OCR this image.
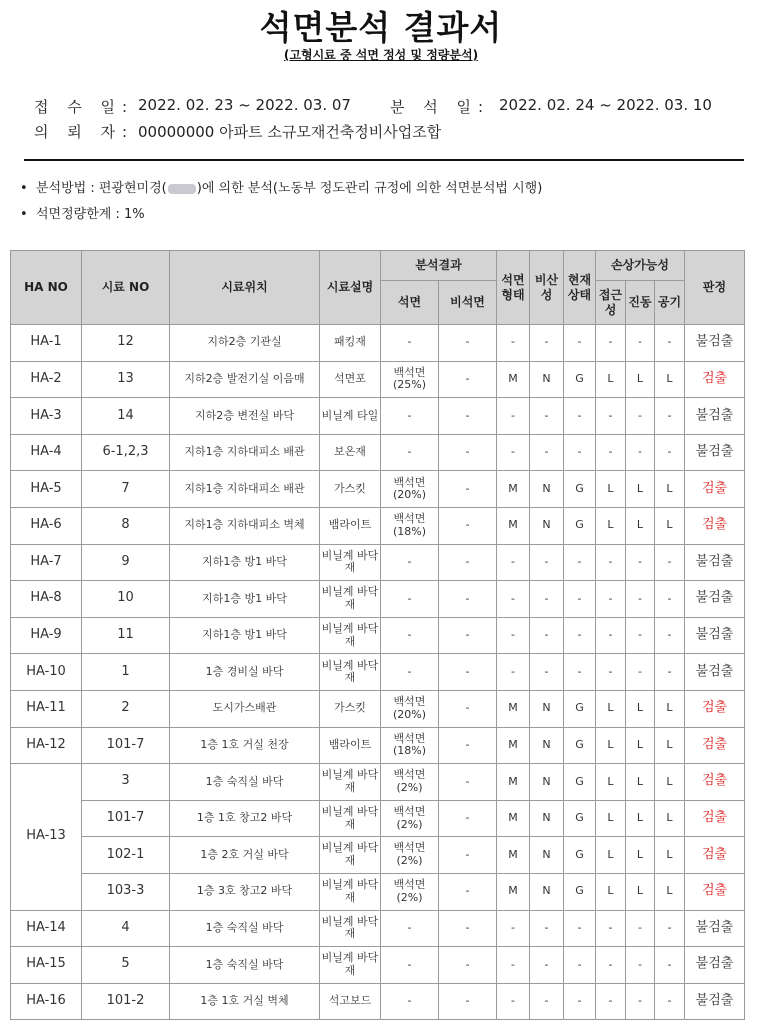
석면분석 결과서
(고형시료 중 석면 정성 및 정량분석)
접 수 일: 2022. 02. 23 ~ 2022. 03. 07	분 석 일: 2022. 02. 24 ~ 2022. 03. 10
의 뢰 자: 00000000 아파트 소규모재건축정비사업조합
• 분석방법 : 편광현미경( )에 의한 분석(노동부 정도관리 규정에 의한 석면분석법 시행)
• 석면정량한계 : 1%
HA NO	시료 NO	시료위치	시료설명	분석결과		석면형태	비산성	현재상태	손상가능성			판정
				석면	비석면				접근성	진동	공기	
HA-1	12	지하2층 기관실	패킹재	-	-	-	-	-	-	-	-	불검출
HA-2	13	지하2층 발전기실 이음매	석면포	백석면 (25%)	-	M	N	G	L	L	L	검출
HA-3	14	지하2층 변전실 바닥	비닐계 타일	-	-	-	-	-	-	-	-	불검출
HA-4	6-1,2,3	지하1층 지하대피소 배관	보온재	-	-	-	-	-	-	-	-	불검출
HA-5	7	지하1층 지하대피소 배관	가스킷	백석면 (20%)	-	M	N	G	L	L	L	검출
HA-6	8	지하1층 지하대피소 벽체	뱀라이트	백석면 (18%)	-	M	N	G	L	L	L	검출
HA-7	9	지하1층 방1 바닥	비닐계 바닥재	-	-	-	-	-	-	-	-	불검출
HA-8	10	지하1층 방1 바닥	비닐계 바닥재	-	-	-	-	-	-	-	-	불검출
HA-9	11	지하1층 방1 바닥	비닐계 바닥재	-	-	-	-	-	-	-	-	불검출
HA-10	1	1층 경비실 바닥	비닐계 바닥재	-	-	-	-	-	-	-	-	불검출
HA-11	2	도시가스배관	가스킷	백석면 (20%)	-	M	N	G	L	L	L	검출
HA-12	101-7	1층 1호 거실 천장	뱀라이트	백석면 (18%)	-	M	N	G	L	L	L	검출
HA-13	3	1층 숙직실 바닥	비닐계 바닥재	백석면 (2%)	-	M	N	G	L	L	L	검출
	101-7	1층 1호 창고2 바닥	비닐계 바닥재	백석면 (2%)	-	M	N	G	L	L	L	검출
	102-1	1층 2호 거실 바닥	비닐계 바닥재	백석면 (2%)	-	M	N	G	L	L	L	검출
	103-3	1층 3호 창고2 바닥	비닐계 바닥재	백석면 (2%)	-	M	N	G	L	L	L	검출
HA-14	4	1층 숙직실 바닥	비닐계 바닥재	-	-	-	-	-	-	-	-	불검출
HA-15	5	1층 숙직실 바닥	비닐계 바닥재	-	-	-	-	-	-	-	-	불검출
HA-16	101-2	1층 1호 거실 벽체	석고보드	-	-	-	-	-	-	-	-	불검출
